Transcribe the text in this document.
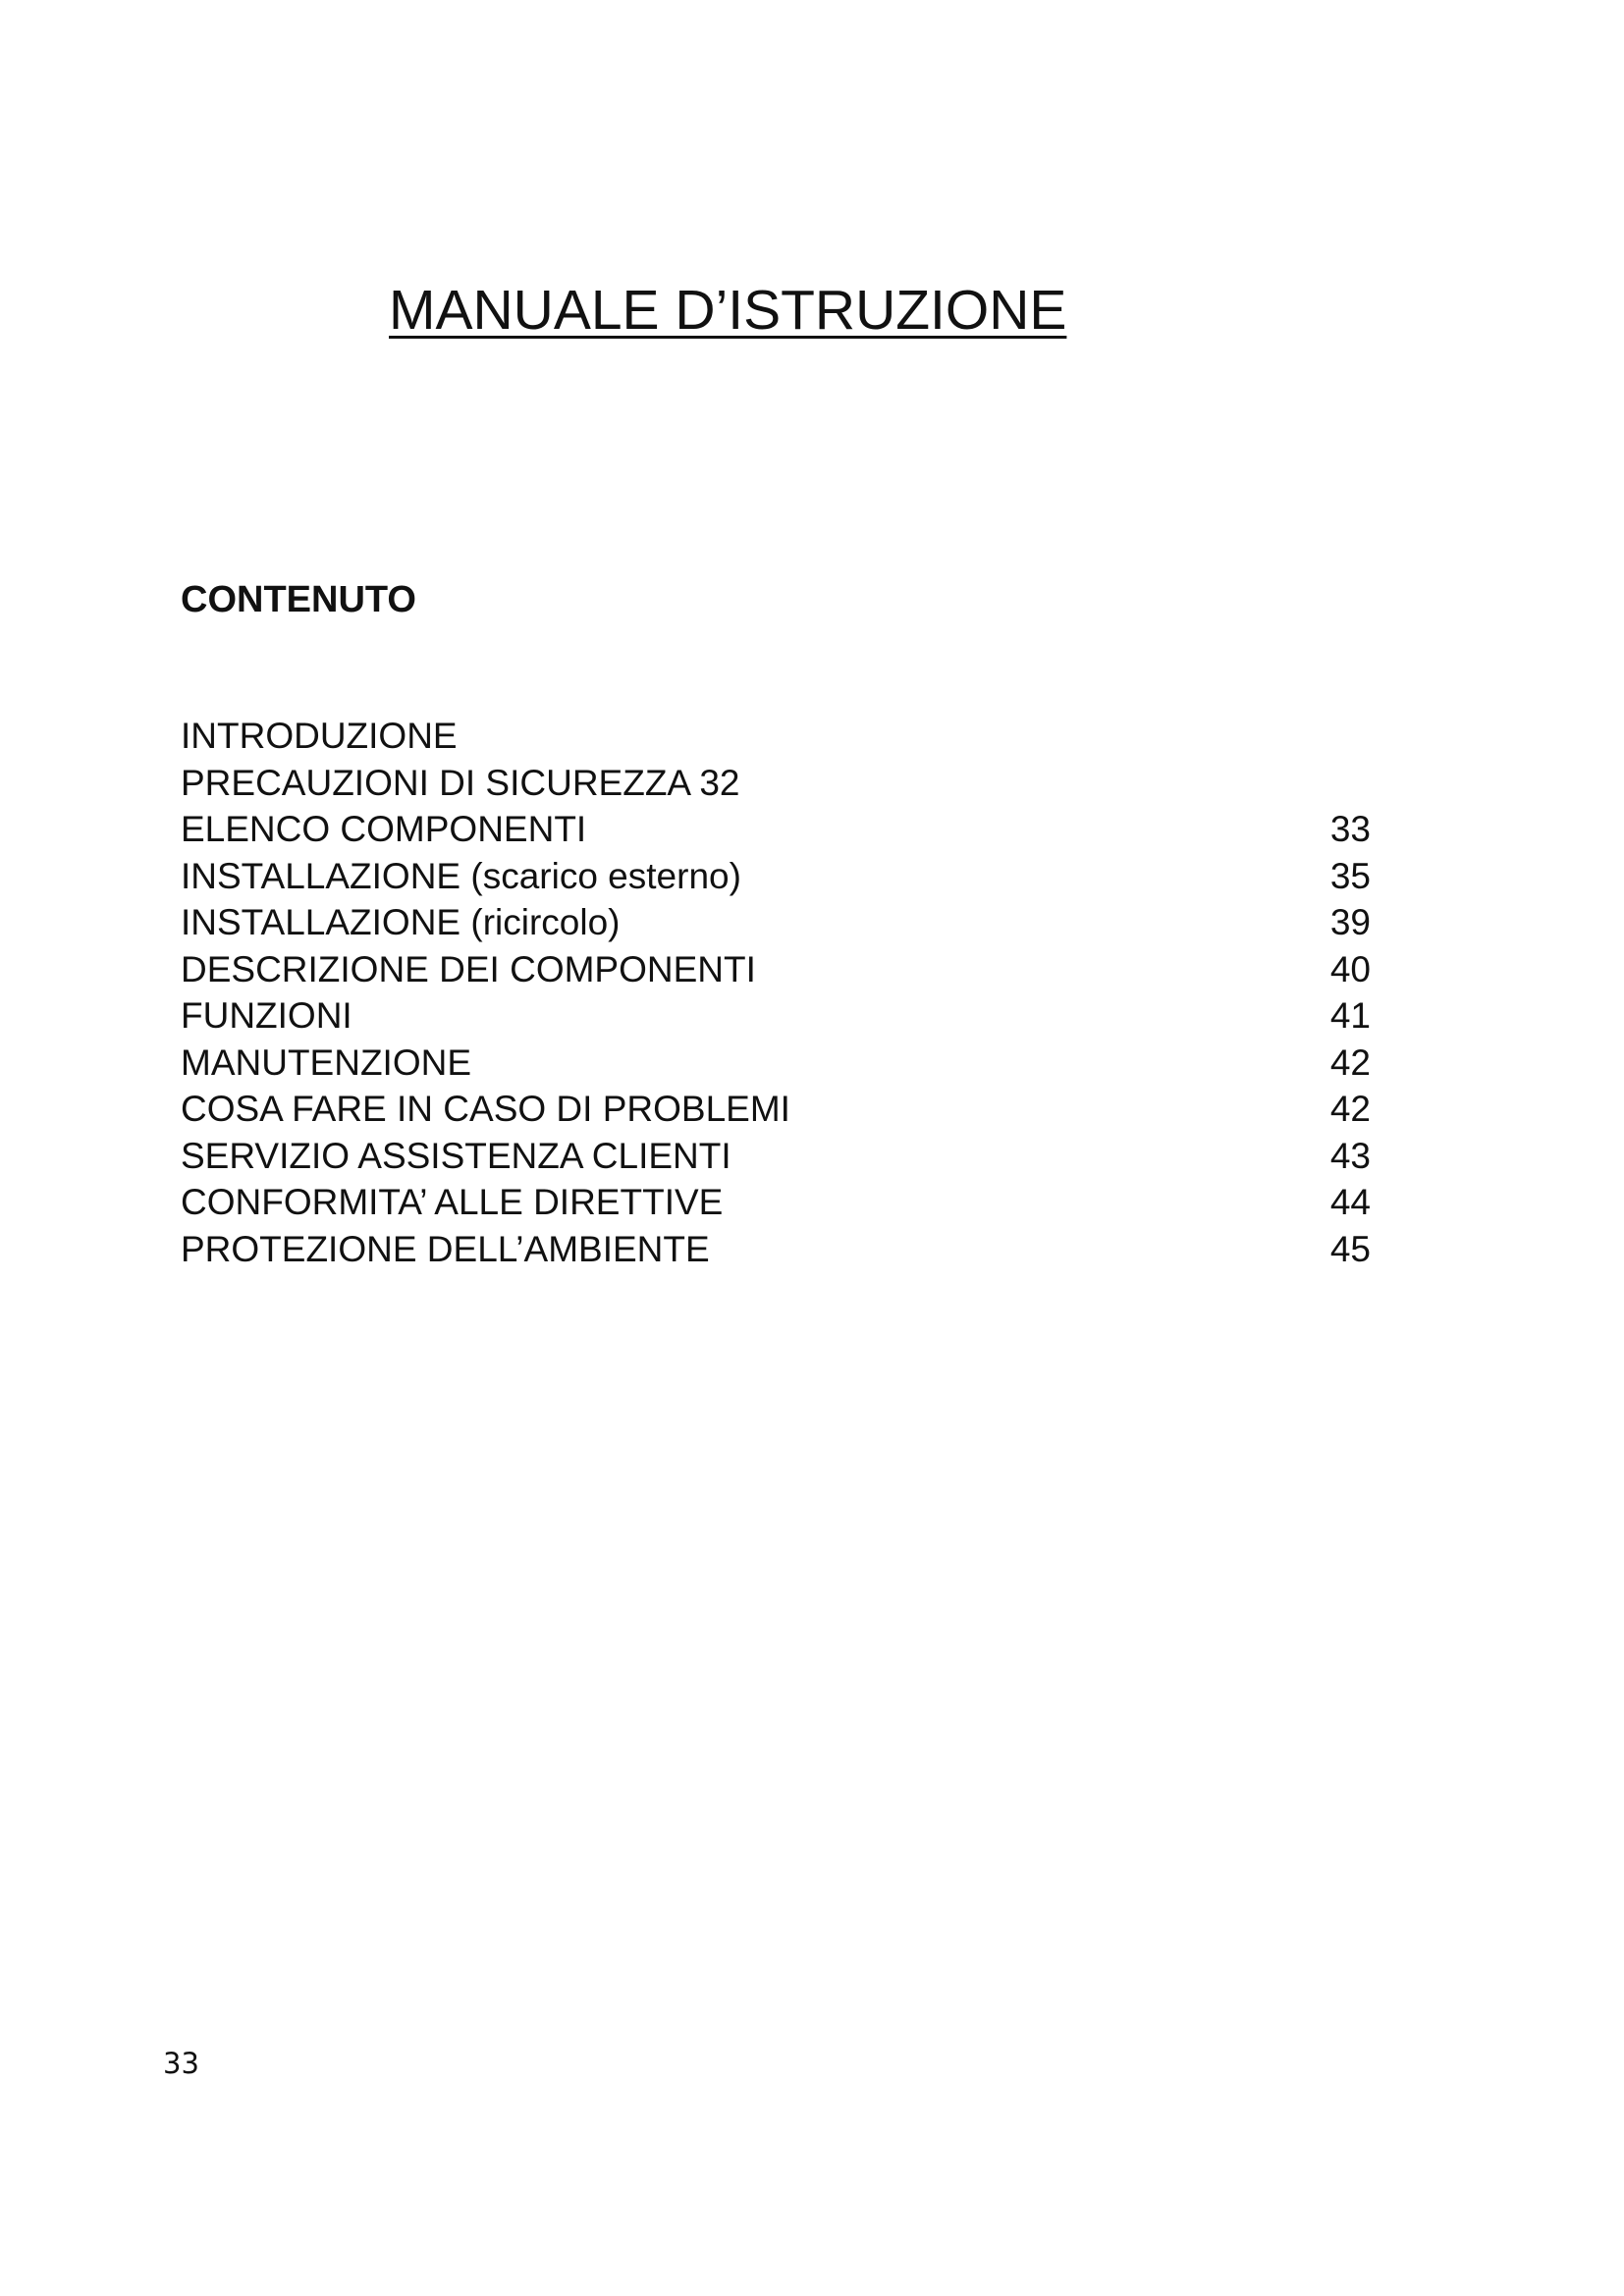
MANUALE D’ISTRUZIONE
CONTENUTO
INTRODUZIONE
PRECAUZIONI DI SICUREZZA 32
ELENCO COMPONENTI	33
INSTALLAZIONE (scarico esterno)	35
INSTALLAZIONE (ricircolo)	39
DESCRIZIONE DEI COMPONENTI	40
FUNZIONI	41
MANUTENZIONE	42
COSA FARE IN CASO DI PROBLEMI	42
SERVIZIO ASSISTENZA CLIENTI	43
CONFORMITA’ ALLE DIRETTIVE	44
PROTEZIONE DELL’AMBIENTE	45
33
